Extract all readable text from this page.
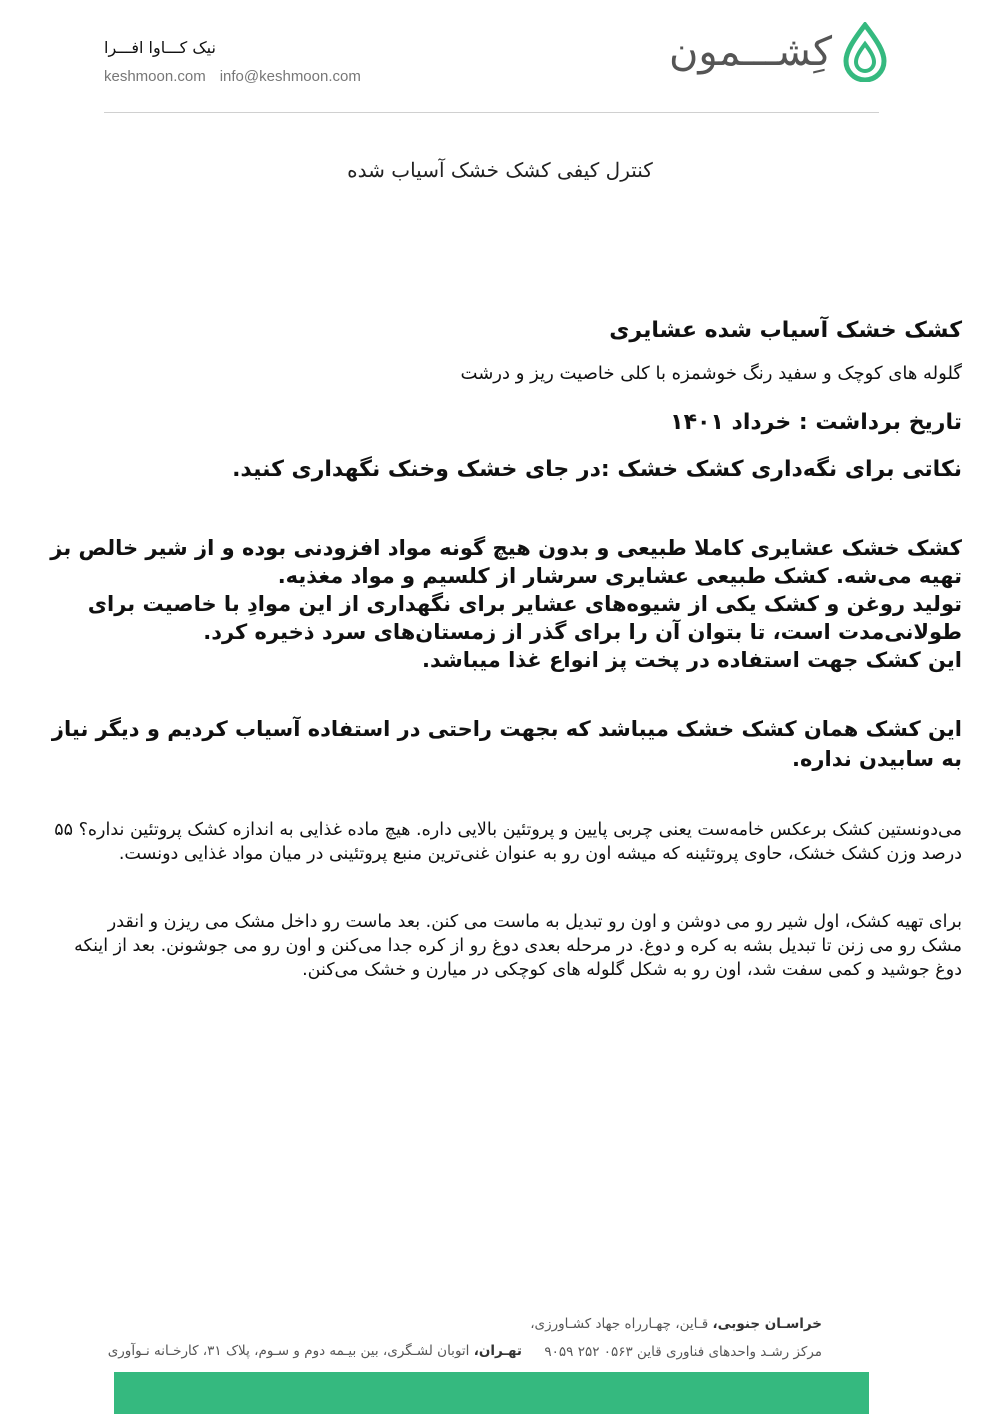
کِشـــمون
نیک کـــاوا افـــرا
keshmoon.com info@keshmoon.com
کنترل کیفی کشک خشک آسیاب شده
کشک خشک آسیاب شده عشایری
گلوله های کوچک و سفید رنگ خوشمزه با کلی خاصیت ریز و درشت
تاریخ برداشت : خرداد ۱۴۰۱
نکاتی برای نگه‌داری کشک خشک :در جای خشک وخنک نگهداری کنید.

کشک خشک عشایری کاملا طبیعی و بدون هیچ گونه مواد افزودنی بوده و از شیر خالص بز تهیه می‌شه. کشک طبیعی عشایری سرشار از کلسیم و مواد مغذیه.

تولید روغن و کشک یکی از شیوه‌های عشایر برای نگهداری از این موادِ با خاصیت برای طولانی‌مدت است، تا بتوان آن را برای گذر از زمستان‌های سرد ذخیره کرد.

این کشک جهت استفاده در پخت پز انواع غذا میباشد.

این کشک همان کشک خشک میباشد که بجهت راحتی در استفاده آسیاب کردیم و دیگر نیاز به سابیدن نداره.
می‌دونستین کشک برعکس خامه‌ست یعنی چربی پایین و پروتئین بالایی داره. هیچ ماده غذایی به اندازه کشک پروتئین نداره؟ ۵۵ درصد وزن کشک خشک، حاوی پروتئینه که میشه اون رو به عنوان غنی‌ترین منبع پروتئینی در میان مواد غذایی دونست.
برای تهیه کشک، اول شیر رو می دوشن و اون رو تبدیل به ماست می کنن. بعد ماست رو داخل مشک می ریزن و انقدر مشک رو می زنن تا تبدیل بشه به کره و دوغ. در مرحله بعدی دوغ رو از کره جدا می‌کنن و اون رو می جوشونن. بعد از اینکه دوغ جوشید و کمی سفت شد، اون رو به شکل گلوله های کوچکی در میارن و خشک می‌کنن.
خراسـان جنوبی، قـاین، چهـارراه جهاد کشـاورزی،
مرکز رشـد واحدهای فناوری قاین ۰۵۶۳ ۲۵۲ ۹۰۵۹
تهـران، اتوبان لشـگری، بین بیـمه دوم و سـوم، پلاک ۳۱، کارخـانه نـوآوری
